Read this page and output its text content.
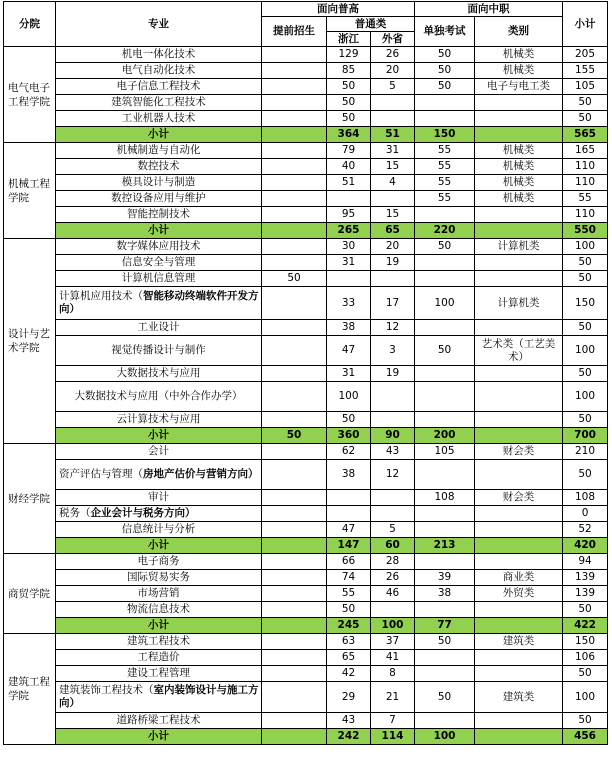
分院	专业	面向普高			面向中职		小计
		提前招生	普通类		单独考试	类别	
			浙江	外省			
电气电子工程学院	机电一体化技术		129	26	50	机械类	205
	电气自动化技术		85	20	50	机械类	155
	电子信息工程技术		50	5	50	电子与电工类	105
	建筑智能化工程技术		50				50
	工业机器人技术		50				50
	小计		364	51	150		565
机械工程学院	机械制造与自动化		79	31	55	机械类	165
	数控技术		40	15	55	机械类	110
	模具设计与制造		51	4	55	机械类	110
	数控设备应用与维护				55	机械类	55
	智能控制技术		95	15			110
	小计		265	65	220		550
设计与艺术学院	数字媒体应用技术		30	20	50	计算机类	100
	信息安全与管理		31	19			50
	计算机信息管理	50					50
	计算机应用技术（智能移动终端软件开发方向）		33	17	100	计算机类	150
	工业设计		38	12			50
	视觉传播设计与制作		47	3	50	艺术类（工艺美术）	100
	大数据技术与应用		31	19			50
	大数据技术与应用（中外合作办学）		100				100
	云计算技术与应用		50				50
	小计	50	360	90	200		700
财经学院	会计		62	43	105	财会类	210
	资产评估与管理（房地产估价与营销方向）		38	12			50
	审计				108	财会类	108
	税务（企业会计与税务方向）						0
	信息统计与分析		47	5			52
	小计		147	60	213		420
商贸学院	电子商务		66	28			94
	国际贸易实务		74	26	39	商业类	139
	市场营销		55	46	38	外贸类	139
	物流信息技术		50				50
	小计		245	100	77		422
建筑工程学院	建筑工程技术		63	37	50	建筑类	150
	工程造价		65	41			106
	建设工程管理		42	8			50
	建筑装饰工程技术（室内装饰设计与施工方向）		29	21	50	建筑类	100
	道路桥梁工程技术		43	7			50
	小计		242	114	100		456
